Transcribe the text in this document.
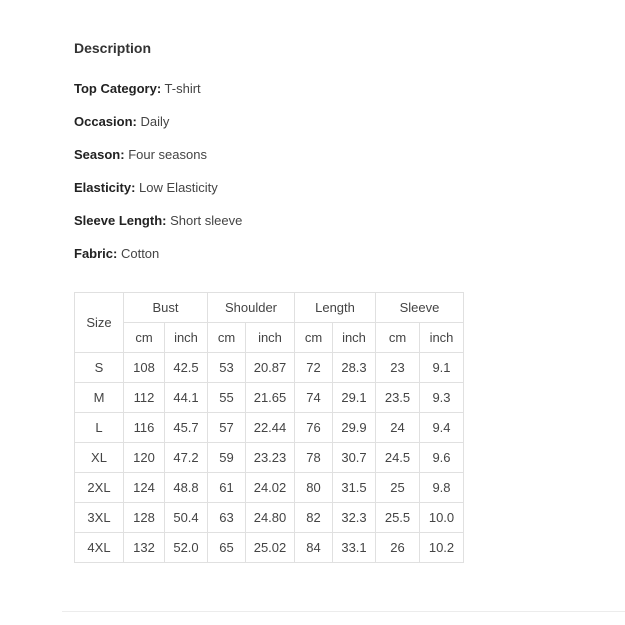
Description
Top Category: T-shirt
Occasion: Daily
Season: Four seasons
Elasticity: Low Elasticity
Sleeve Length: Short sleeve
Fabric: Cotton
Size	Bust		Shoulder		Length		Sleeve	
	cm	inch	cm	inch	cm	inch	cm	inch
S	108	42.5	53	20.87	72	28.3	23	9.1
M	112	44.1	55	21.65	74	29.1	23.5	9.3
L	116	45.7	57	22.44	76	29.9	24	9.4
XL	120	47.2	59	23.23	78	30.7	24.5	9.6
2XL	124	48.8	61	24.02	80	31.5	25	9.8
3XL	128	50.4	63	24.80	82	32.3	25.5	10.0
4XL	132	52.0	65	25.02	84	33.1	26	10.2
